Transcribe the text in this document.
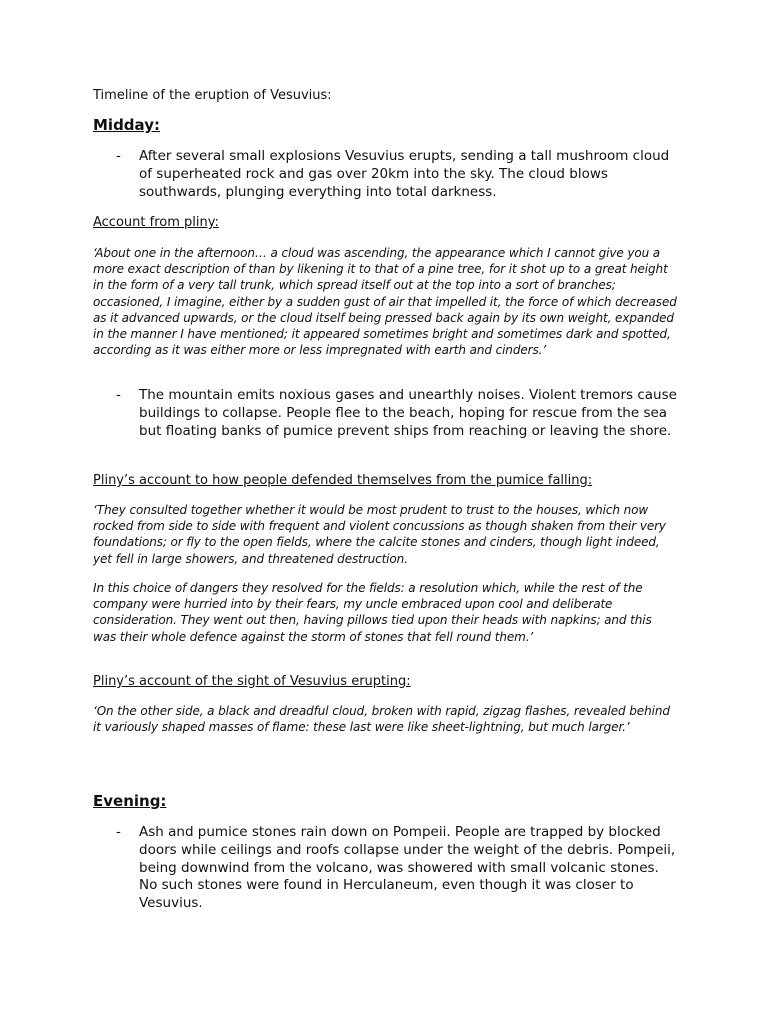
Timeline of the eruption of Vesuvius:

Midday:

- After several small explosions Vesuvius erupts, sending a tall mushroom cloud of superheated rock and gas over 20km into the sky. The cloud blows southwards, plunging everything into total darkness.

Account from pliny:

‘About one in the afternoon… a cloud was ascending, the appearance which I cannot give you a more exact description of than by likening it to that of a pine tree, for it shot up to a great height in the form of a very tall trunk, which spread itself out at the top into a sort of branches; occasioned, I imagine, either by a sudden gust of air that impelled it, the force of which decreased as it advanced upwards, or the cloud itself being pressed back again by its own weight, expanded in the manner I have mentioned; it appeared sometimes bright and sometimes dark and spotted, according as it was either more or less impregnated with earth and cinders.’

- The mountain emits noxious gases and unearthly noises. Violent tremors cause buildings to collapse. People flee to the beach, hoping for rescue from the sea but floating banks of pumice prevent ships from reaching or leaving the shore.

Pliny’s account to how people defended themselves from the pumice falling:

‘They consulted together whether it would be most prudent to trust to the houses, which now rocked from side to side with frequent and violent concussions as though shaken from their very foundations; or fly to the open fields, where the calcite stones and cinders, though light indeed, yet fell in large showers, and threatened destruction.

In this choice of dangers they resolved for the fields: a resolution which, while the rest of the company were hurried into by their fears, my uncle embraced upon cool and deliberate consideration. They went out then, having pillows tied upon their heads with napkins; and this was their whole defence against the storm of stones that fell round them.’

Pliny’s account of the sight of Vesuvius erupting:

‘On the other side, a black and dreadful cloud, broken with rapid, zigzag flashes, revealed behind it variously shaped masses of flame: these last were like sheet-lightning, but much larger.’

Evening:

- Ash and pumice stones rain down on Pompeii. People are trapped by blocked doors while ceilings and roofs collapse under the weight of the debris. Pompeii, being downwind from the volcano, was showered with small volcanic stones. No such stones were found in Herculaneum, even though it was closer to Vesuvius.
